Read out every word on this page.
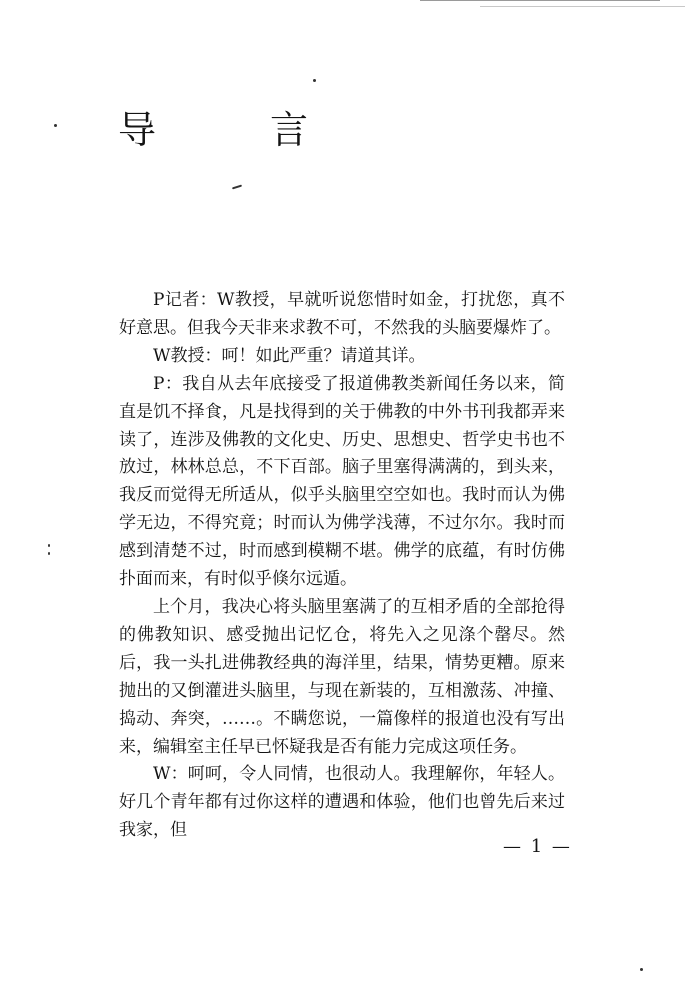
导	言

P记者：W教授，早就听说您惜时如金，打扰您，真不好意思。但我今天非来求教不可，不然我的头脑要爆炸了。

W教授：呵！如此严重？请道其详。

P：我自从去年底接受了报道佛教类新闻任务以来，简直是饥不择食，凡是找得到的关于佛教的中外书刊我都弄来读了，连涉及佛教的文化史、历史、思想史、哲学史书也不放过，林林总总，不下百部。脑子里塞得满满的，到头来，我反而觉得无所适从，似乎头脑里空空如也。我时而认为佛学无边，不得究竟；时而认为佛学浅薄，不过尔尔。我时而感到清楚不过，时而感到模糊不堪。佛学的底蕴，有时仿佛扑面而来，有时似乎倏尔远遁。

上个月，我决心将头脑里塞满了的互相矛盾的全部抢得的佛教知识、感受抛出记忆仓，将先入之见涤个罄尽。然后，我一头扎进佛教经典的海洋里，结果，情势更糟。原来抛出的又倒灌进头脑里，与现在新装的，互相激荡、冲撞、捣动、奔突，……。不瞒您说，一篇像样的报道也没有写出来，编辑室主任早已怀疑我是否有能力完成这项任务。

W：呵呵，令人同情，也很动人。我理解你，年轻人。好几个青年都有过你这样的遭遇和体验，他们也曾先后来过我家，但

— 1 —
